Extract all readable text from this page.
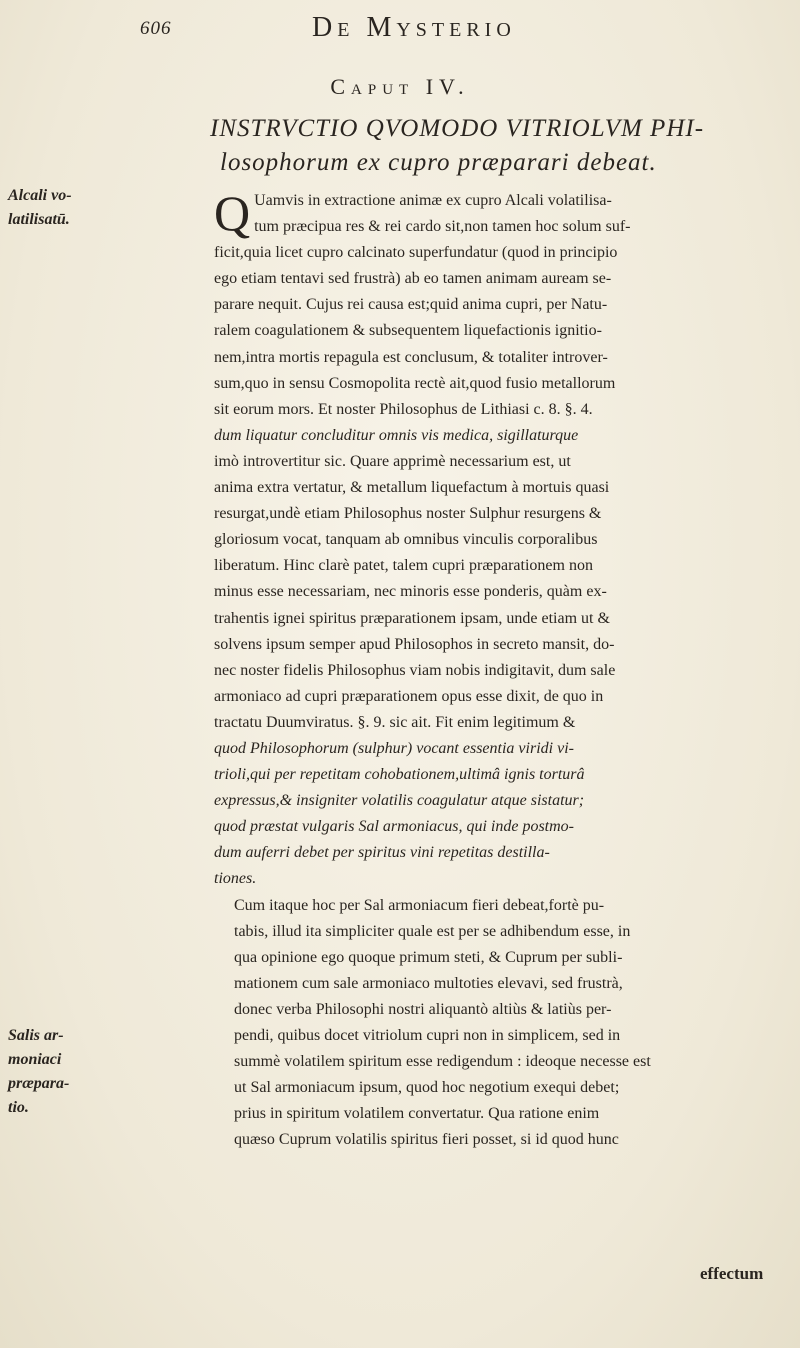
606	De Mysterio
Caput IV.
INSTRVCTIO QVOMODO VITRIOLVM PHI-
losophorum ex cupro præparari debeat.
Alcali vo-
latilisatū.
Salis ar-
moniaci
præpara-
tio.
Q Uamvis in extractione animæ ex cupro Alcali volatilisa-
tum præcipua res & rei cardo sit,non tamen hoc solum suf-
ficit,quia licet cupro calcinato superfundatur (quod in principio
ego etiam tentavi sed frustrà) ab eo tamen animam auream se-
parare nequit. Cujus rei causa est;quid anima cupri, per Natu-
ralem coagulationem & subsequentem liquefactionis ignitio-
nem,intra mortis repagula est conclusum, & totaliter introver-
sum,quo in sensu Cosmopolita rectè ait,quod fusio metallorum
sit eorum mors. Et noster Philosophus de Lithiasi c. 8. §. 4.
dum liquatur concluditur omnis vis medica, sigillaturque
imò introvertitur sic. Quare apprimè necessarium est, ut
anima extra vertatur, & metallum liquefactum à mortuis quasi
resurgat,undè etiam Philosophus noster Sulphur resurgens &
gloriosum vocat, tanquam ab omnibus vinculis corporalibus
liberatum. Hinc clarè patet, talem cupri præparationem non
minus esse necessariam, nec minoris esse ponderis, quàm ex-
trahentis ignei spiritus præparationem ipsam, unde etiam ut &
solvens ipsum semper apud Philosophos in secreto mansit, do-
nec noster fidelis Philosophus viam nobis indigitavit, dum sale
armoniaco ad cupri præparationem opus esse dixit, de quo in
tractatu Duumviratus. §. 9. sic ait. Fit enim legitimum &
quod Philosophorum (sulphur) vocant essentia viridi vi-
trioli,qui per repetitam cohobationem,ultimâ ignis torturâ
expressus,& insigniter volatilis coagulatur atque sistatur;
quod præstat vulgaris Sal armoniacus, qui inde postmo-
dum auferri debet per spiritus vini repetitas destilla-
tiones.
Cum itaque hoc per Sal armoniacum fieri debeat,fortè pu-
tabis, illud ita simpliciter quale est per se adhibendum esse, in
qua opinione ego quoque primum steti, & Cuprum per subli-
mationem cum sale armoniaco multoties elevavi, sed frustrà,
donec verba Philosophi nostri aliquantò altiùs & latiùs per-
pendi, quibus docet vitriolum cupri non in simplicem, sed in
summè volatilem spiritum esse redigendum : ideoque necesse est
ut Sal armoniacum ipsum, quod hoc negotium exequi debet;
prius in spiritum volatilem convertatur. Qua ratione enim
quæso Cuprum volatilis spiritus fieri posset, si id quod hunc
effectum
